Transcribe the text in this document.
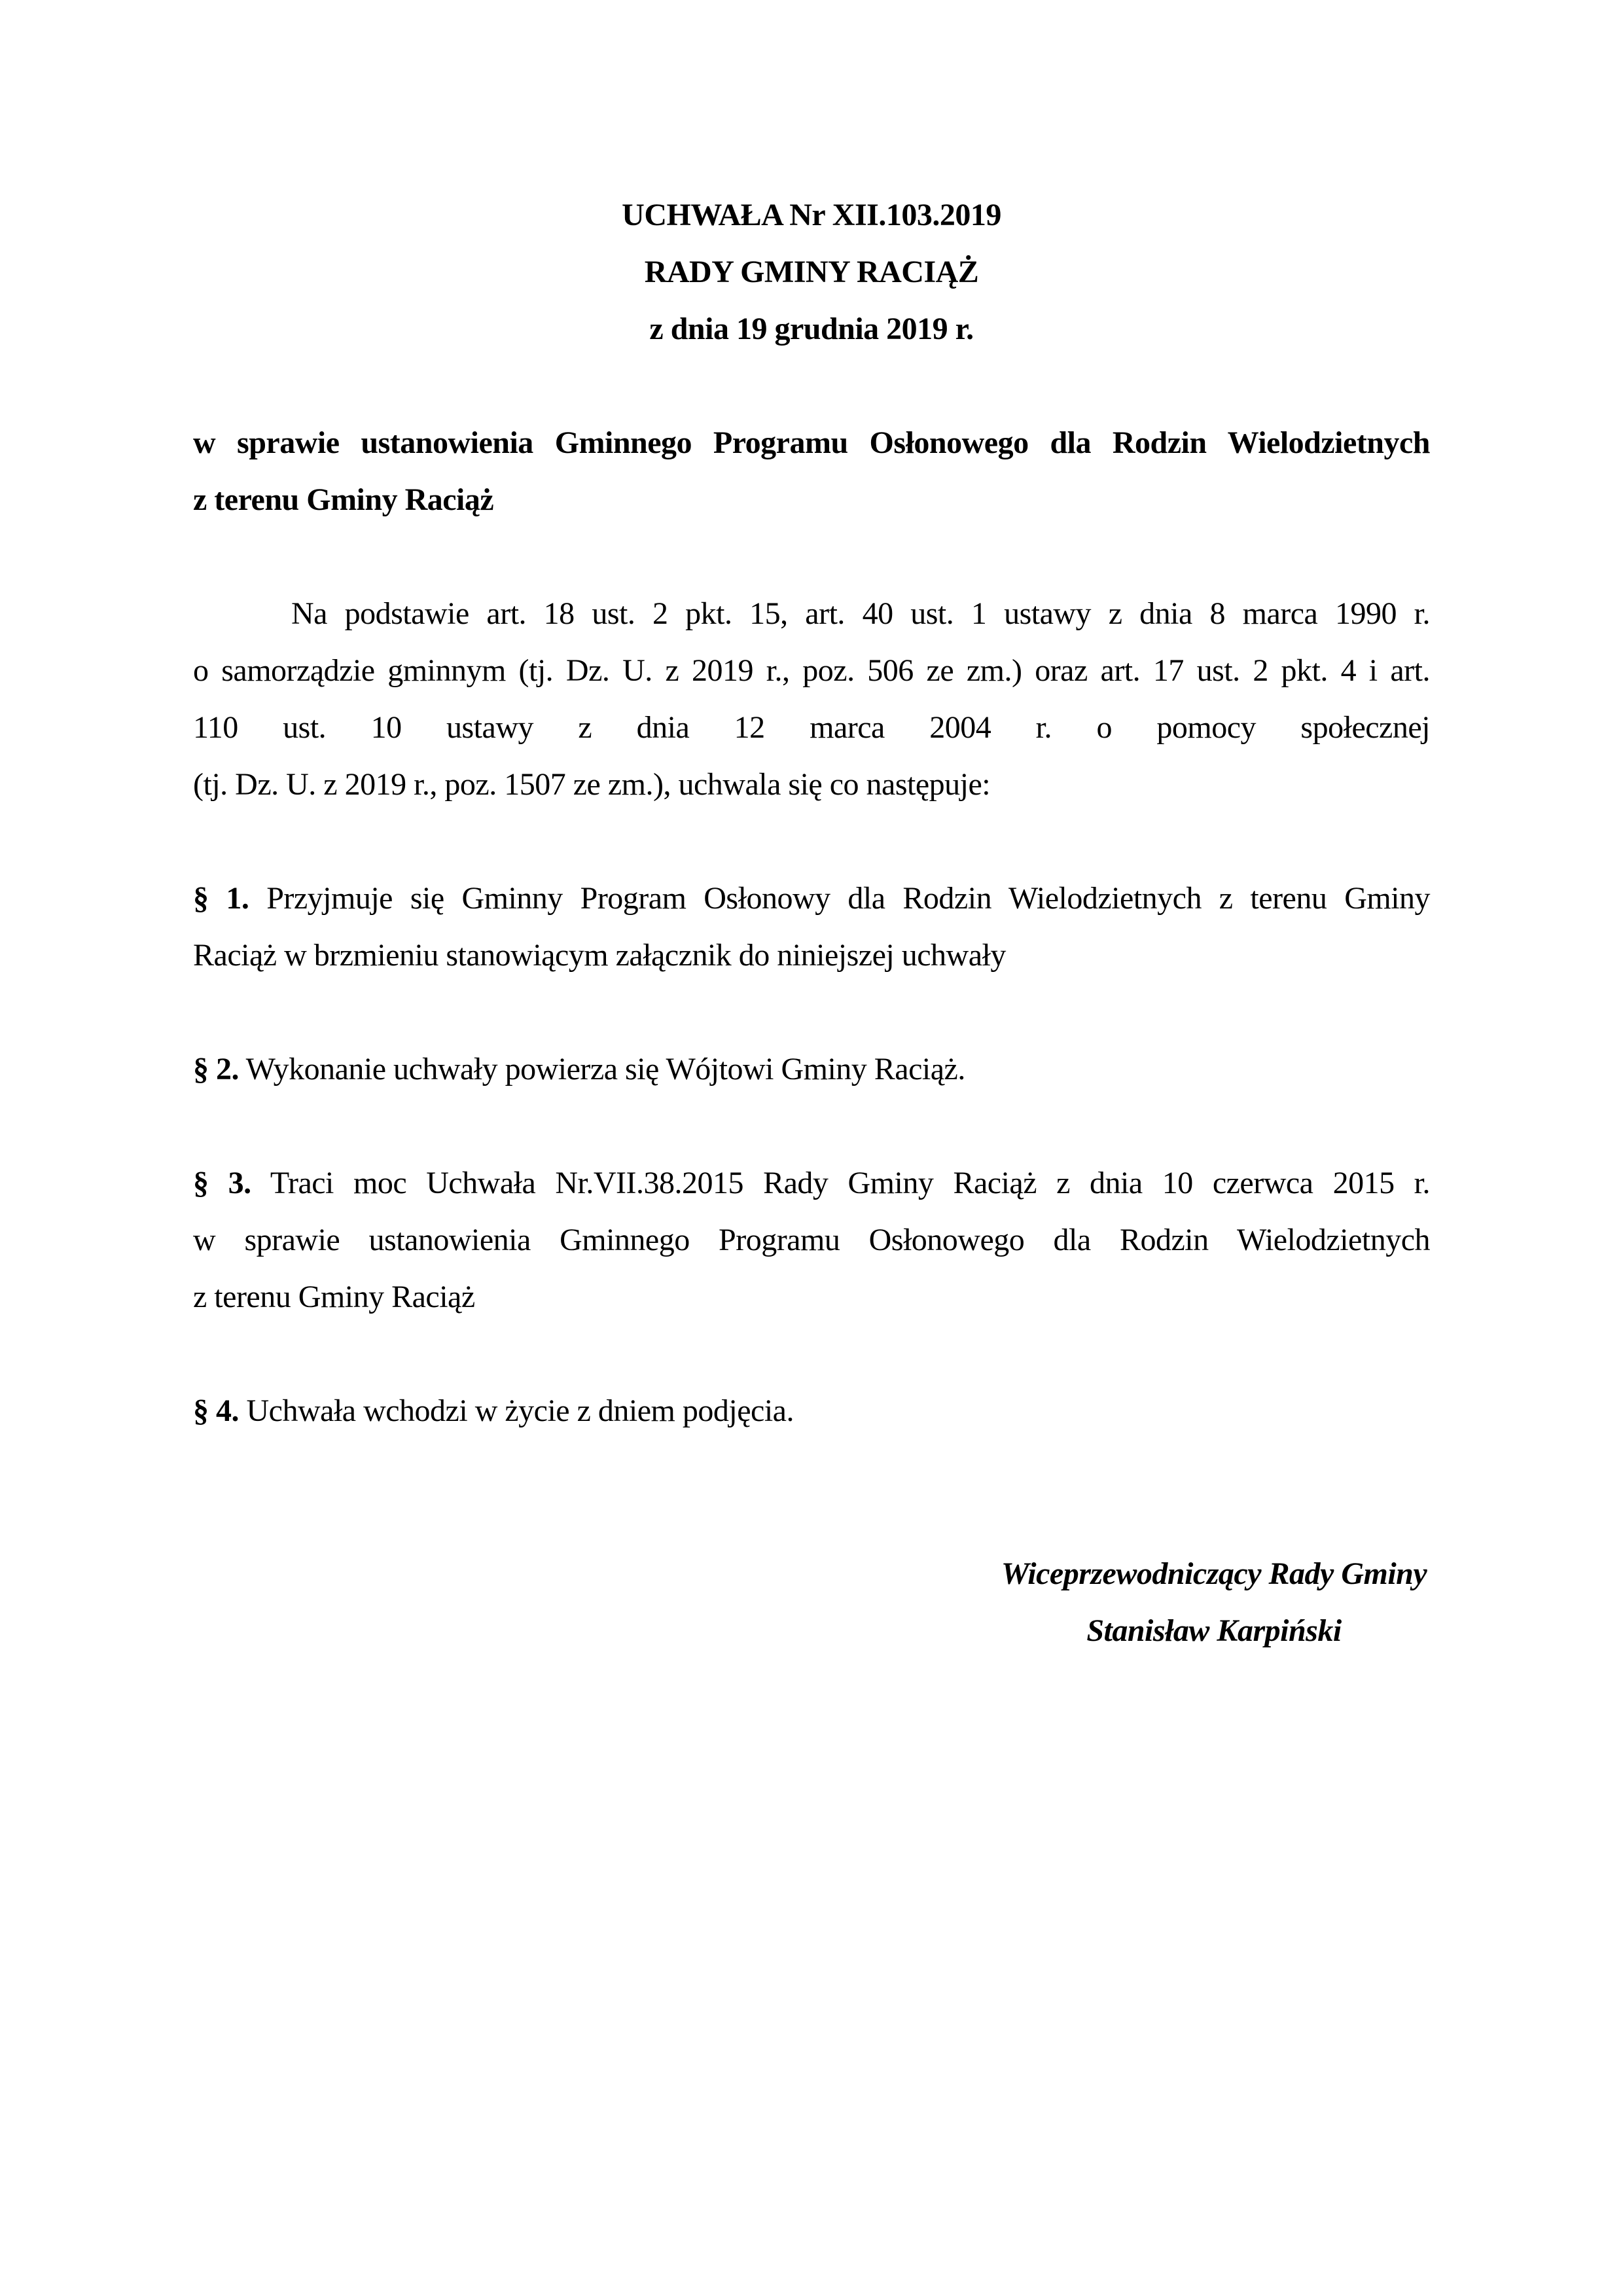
UCHWAŁA Nr XII.103.2019
RADY GMINY RACIĄŻ
z dnia 19 grudnia 2019 r.

w sprawie ustanowienia Gminnego Programu Osłonowego dla Rodzin Wielodzietnych
z terenu Gminy Raciąż

Na podstawie art. 18 ust. 2 pkt. 15, art. 40 ust. 1 ustawy z dnia 8 marca 1990 r.
o samorządzie gminnym (tj. Dz. U. z 2019 r., poz. 506 ze zm.) oraz art. 17 ust. 2 pkt. 4 i art.
110 ust. 10 ustawy z dnia 12 marca 2004 r. o pomocy społecznej
(tj. Dz. U. z 2019 r., poz. 1507 ze zm.), uchwala się co następuje:

§ 1. Przyjmuje się Gminny Program Osłonowy dla Rodzin Wielodzietnych z terenu Gminy
Raciąż w brzmieniu stanowiącym załącznik do niniejszej uchwały

§ 2. Wykonanie uchwały powierza się Wójtowi Gminy Raciąż.

§ 3. Traci moc Uchwała Nr.VII.38.2015 Rady Gminy Raciąż z dnia 10 czerwca 2015 r.
w sprawie ustanowienia Gminnego Programu Osłonowego dla Rodzin Wielodzietnych
z terenu Gminy Raciąż

§ 4. Uchwała wchodzi w życie z dniem podjęcia.

Wiceprzewodniczący Rady Gminy
Stanisław Karpiński
